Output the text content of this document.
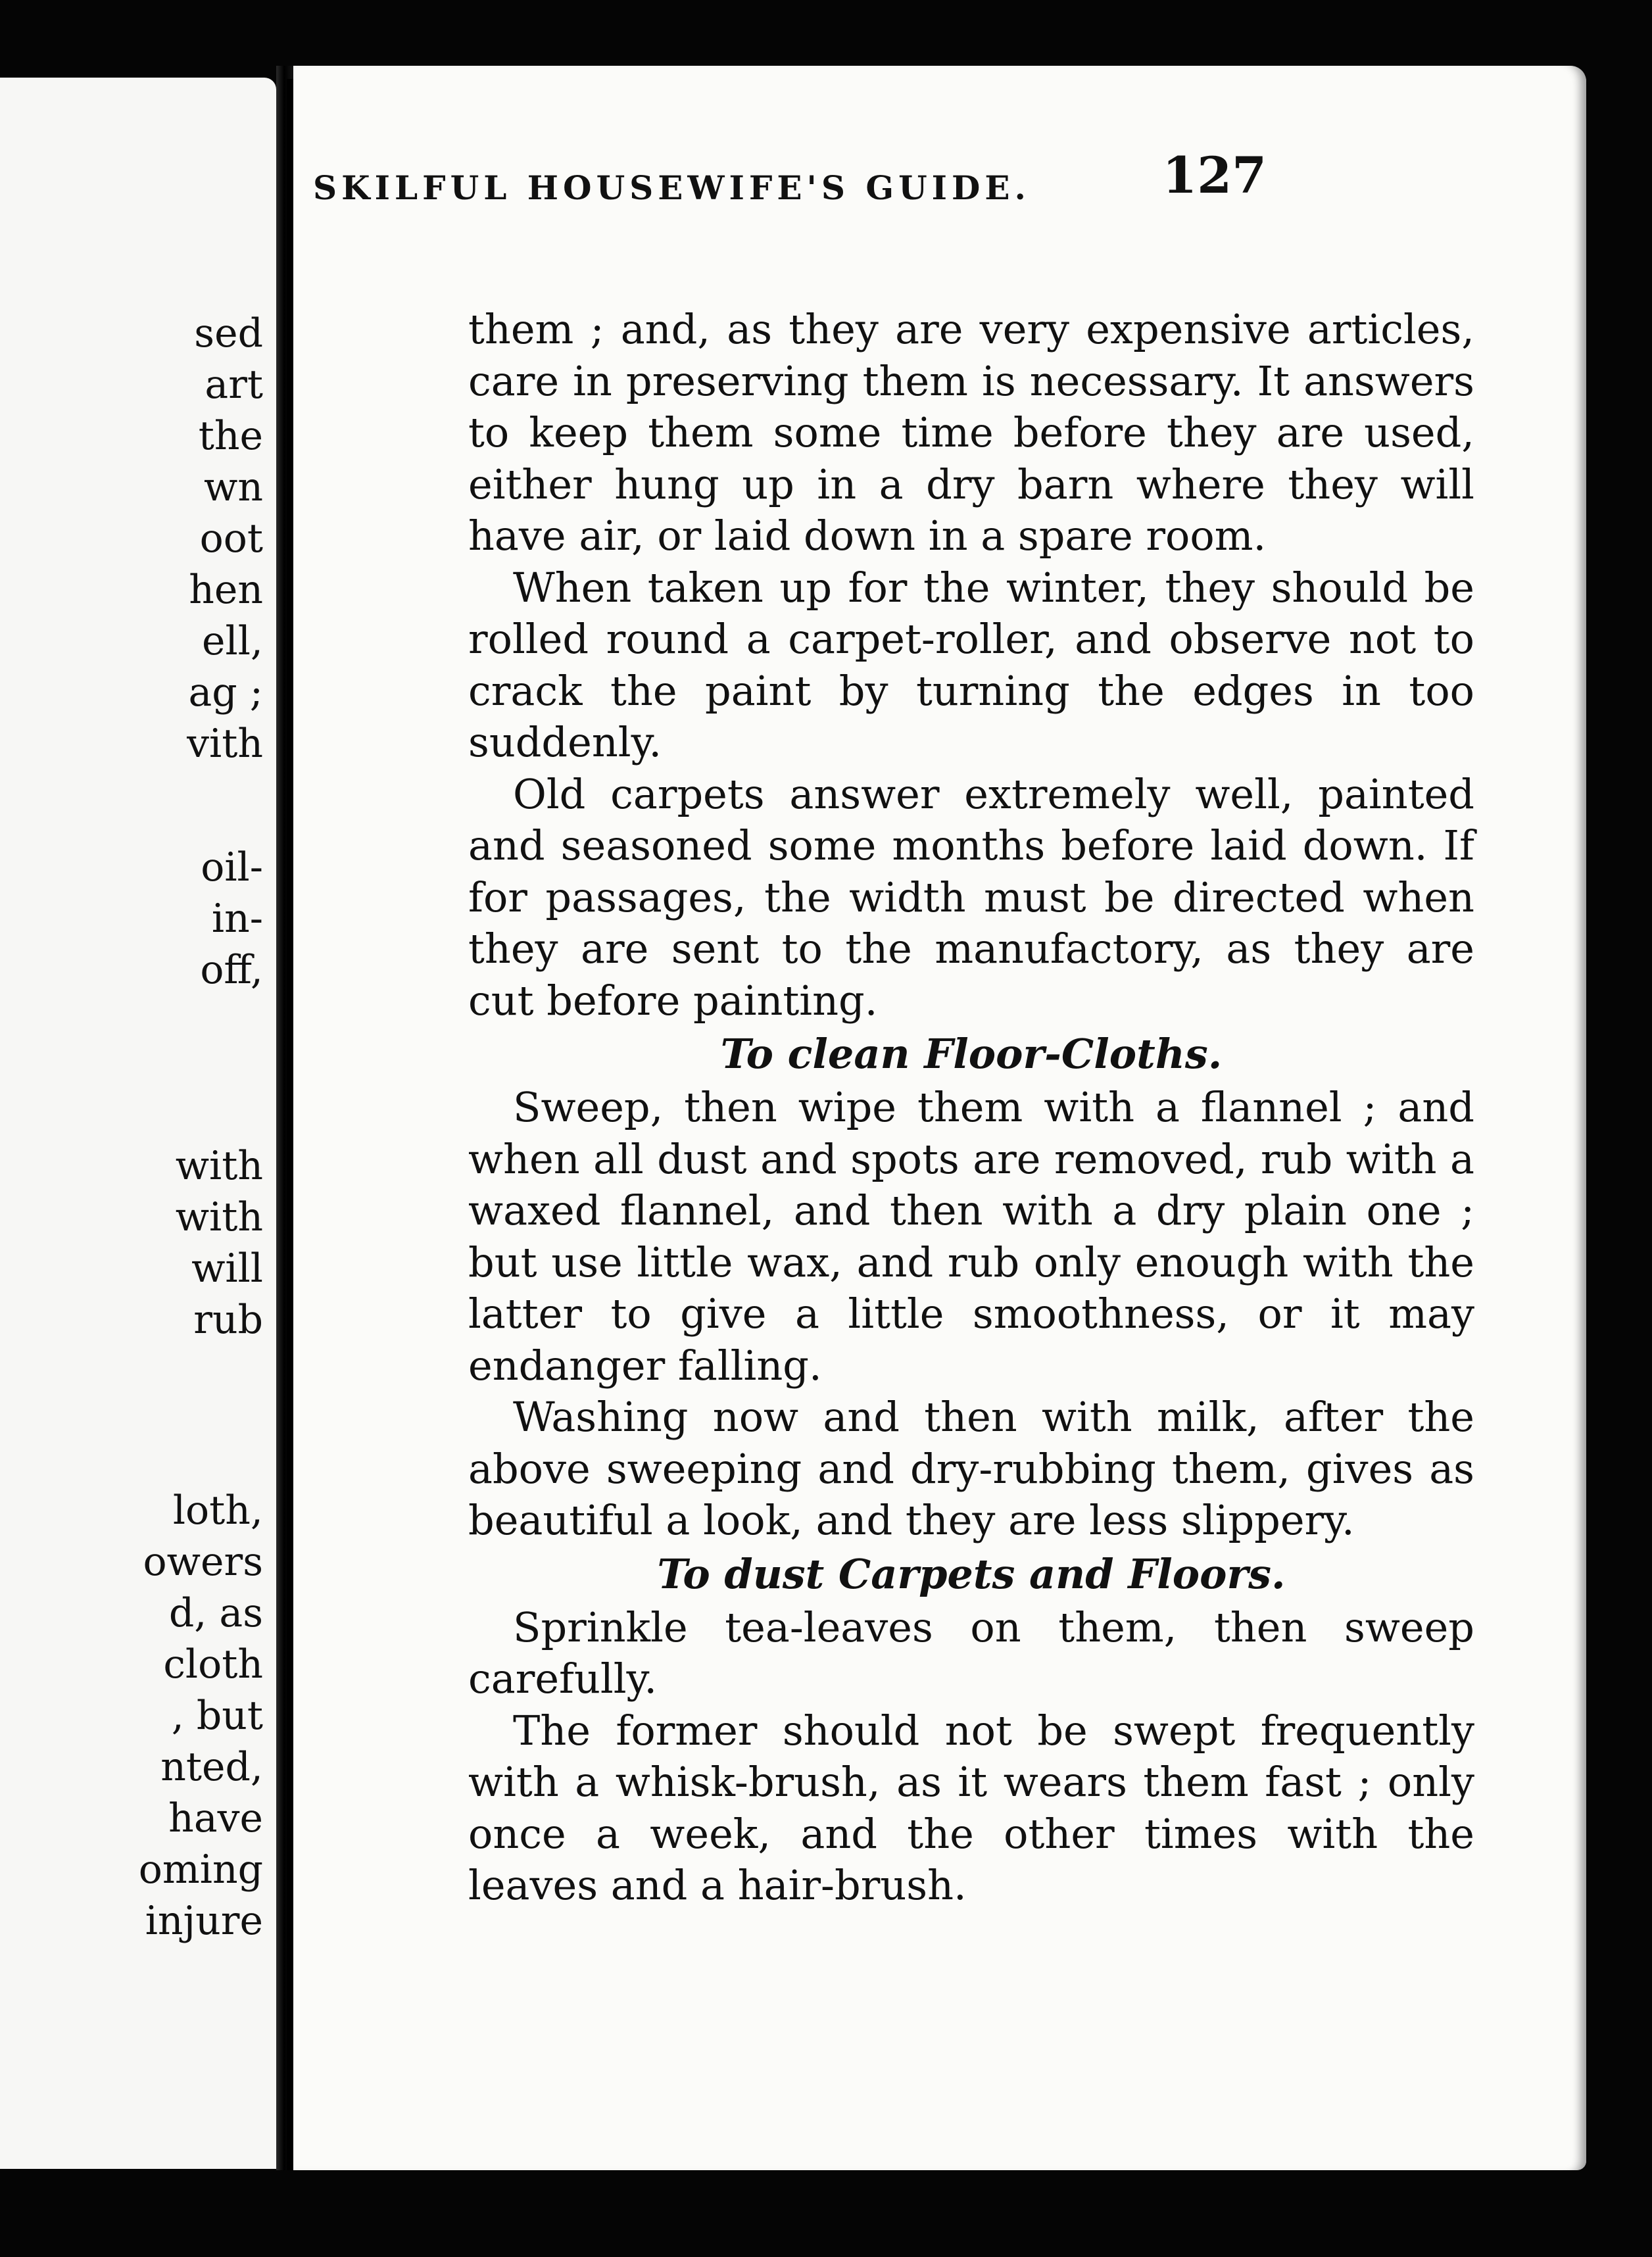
sed
art
the
wn
oot
hen
ell,
ag ;
vith
oil-
in-
off,
with
with
will
rub
loth,
owers
d, as
cloth
, but
nted,
have
oming
injure
SKILFUL HOUSEWIFE'S GUIDE.	127

them ; and, as they are very expensive articles, care in preserving them is necessary. It answers to keep them some time before they are used, either hung up in a dry barn where they will have air, or laid down in a spare room.

When taken up for the winter, they should be rolled round a carpet-roller, and observe not to crack the paint by turning the edges in too suddenly.

Old carpets answer extremely well, painted and seasoned some months before laid down. If for passages, the width must be directed when they are sent to the manufactory, as they are cut before painting.

To clean Floor-Cloths.

Sweep, then wipe them with a flannel ; and when all dust and spots are removed, rub with a waxed flannel, and then with a dry plain one ; but use little wax, and rub only enough with the latter to give a little smoothness, or it may endanger falling.

Washing now and then with milk, after the above sweeping and dry-rubbing them, gives as beautiful a look, and they are less slippery.

To dust Carpets and Floors.

Sprinkle tea-leaves on them, then sweep carefully.

The former should not be swept frequently with a whisk-brush, as it wears them fast ; only once a week, and the other times with the leaves and a hair-brush.
